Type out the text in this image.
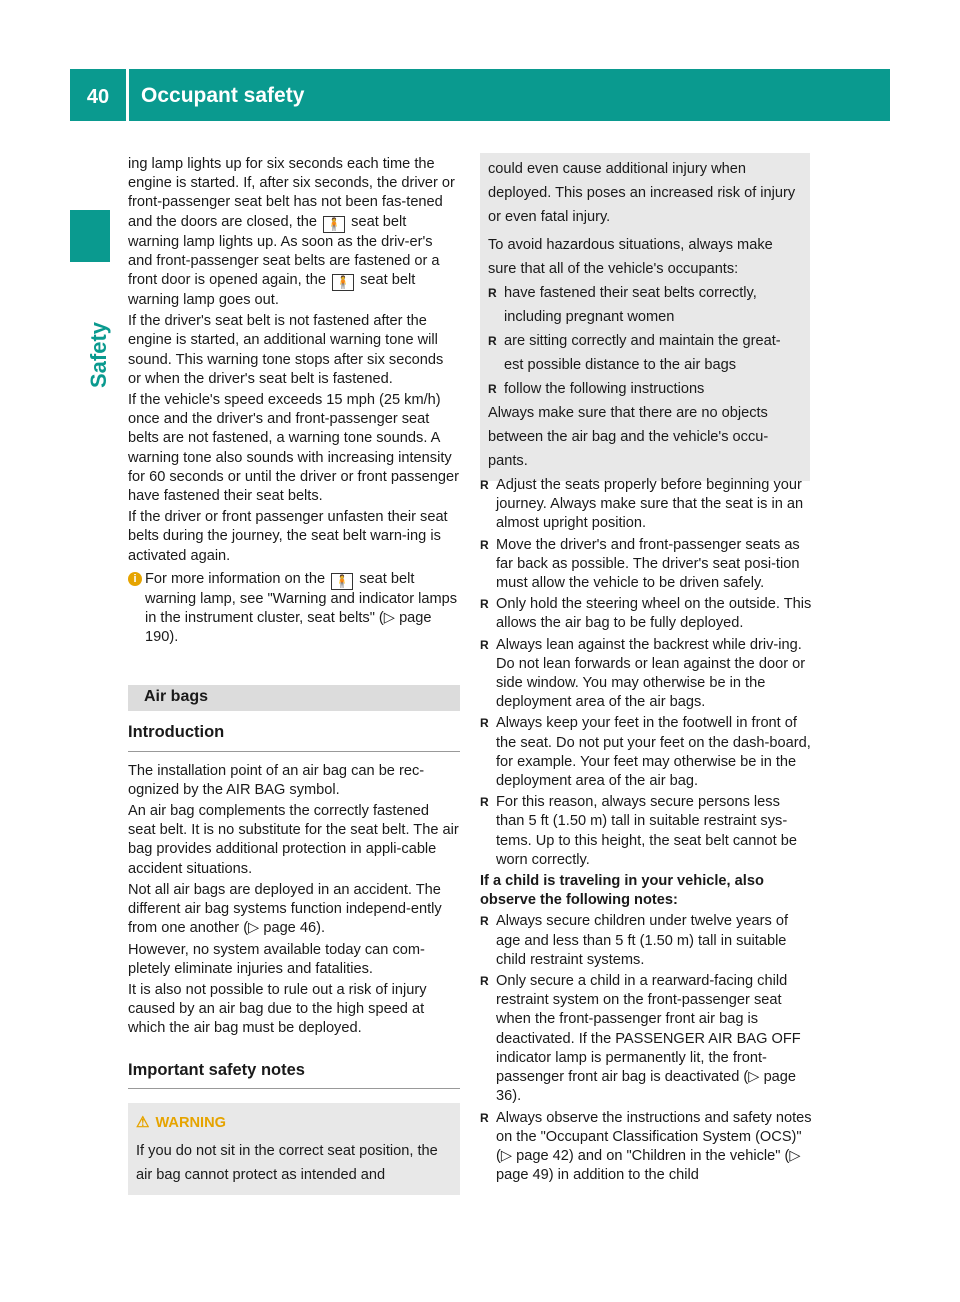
40	Occupant safety
Safety

ing lamp lights up for six seconds each time the engine is started. If, after six seconds, the driver or front-passenger seat belt has not been fas-tened and the doors are closed, the 🧍 seat belt warning lamp lights up. As soon as the driv-er's and front-passenger seat belts are fastened or a front door is opened again, the 🧍 seat belt warning lamp goes out.

If the driver's seat belt is not fastened after the engine is started, an additional warning tone will sound. This warning tone stops after six seconds or when the driver's seat belt is fastened.

If the vehicle's speed exceeds 15 mph (25 km/h) once and the driver's and front-passenger seat belts are not fastened, a warning tone sounds. A warning tone also sounds with increasing intensity for 60 seconds or until the driver or front passenger have fastened their seat belts.

If the driver or front passenger unfasten their seat belts during the journey, the seat belt warn-ing is activated again.

i For more information on the 🧍 seat belt warning lamp, see "Warning and indicator lamps in the instrument cluster, seat belts" (▷ page 190).
Air bags
Introduction

The installation point of an air bag can be rec-ognized by the AIR BAG symbol.

An air bag complements the correctly fastened seat belt. It is no substitute for the seat belt. The air bag provides additional protection in appli-cable accident situations.

Not all air bags are deployed in an accident. The different air bag systems function independ-ently from one another (▷ page 46).

However, no system available today can com-pletely eliminate injuries and fatalities.

It is also not possible to rule out a risk of injury caused by an air bag due to the high speed at which the air bag must be deployed.

Important safety notes
⚠ WARNING
If you do not sit in the correct seat position, the air bag cannot protect as intended and

could even cause additional injury when deployed. This poses an increased risk of injury or even fatal injury.

To avoid hazardous situations, always make sure that all of the vehicle's occupants:

R have fastened their seat belts correctly, including pregnant women
R are sitting correctly and maintain the great-est possible distance to the air bags
R follow the following instructions

Always make sure that there are no objects between the air bag and the vehicle's occu-pants.

R Adjust the seats properly before beginning your journey. Always make sure that the seat is in an almost upright position.
R Move the driver's and front-passenger seats as far back as possible. The driver's seat posi-tion must allow the vehicle to be driven safely.
R Only hold the steering wheel on the outside. This allows the air bag to be fully deployed.
R Always lean against the backrest while driv-ing. Do not lean forwards or lean against the door or side window. You may otherwise be in the deployment area of the air bags.
R Always keep your feet in the footwell in front of the seat. Do not put your feet on the dash-board, for example. Your feet may otherwise be in the deployment area of the air bag.
R For this reason, always secure persons less than 5 ft (1.50 m) tall in suitable restraint sys-tems. Up to this height, the seat belt cannot be worn correctly.
If a child is traveling in your vehicle, also observe the following notes:
R Always secure children under twelve years of age and less than 5 ft (1.50 m) tall in suitable child restraint systems.
R Only secure a child in a rearward-facing child restraint system on the front-passenger seat when the front-passenger front air bag is deactivated. If the PASSENGER AIR BAG OFF indicator lamp is permanently lit, the front-passenger front air bag is deactivated (▷ page 36).
R Always observe the instructions and safety notes on the "Occupant Classification System (OCS)" (▷ page 42) and on "Children in the vehicle" (▷ page 49) in addition to the child
